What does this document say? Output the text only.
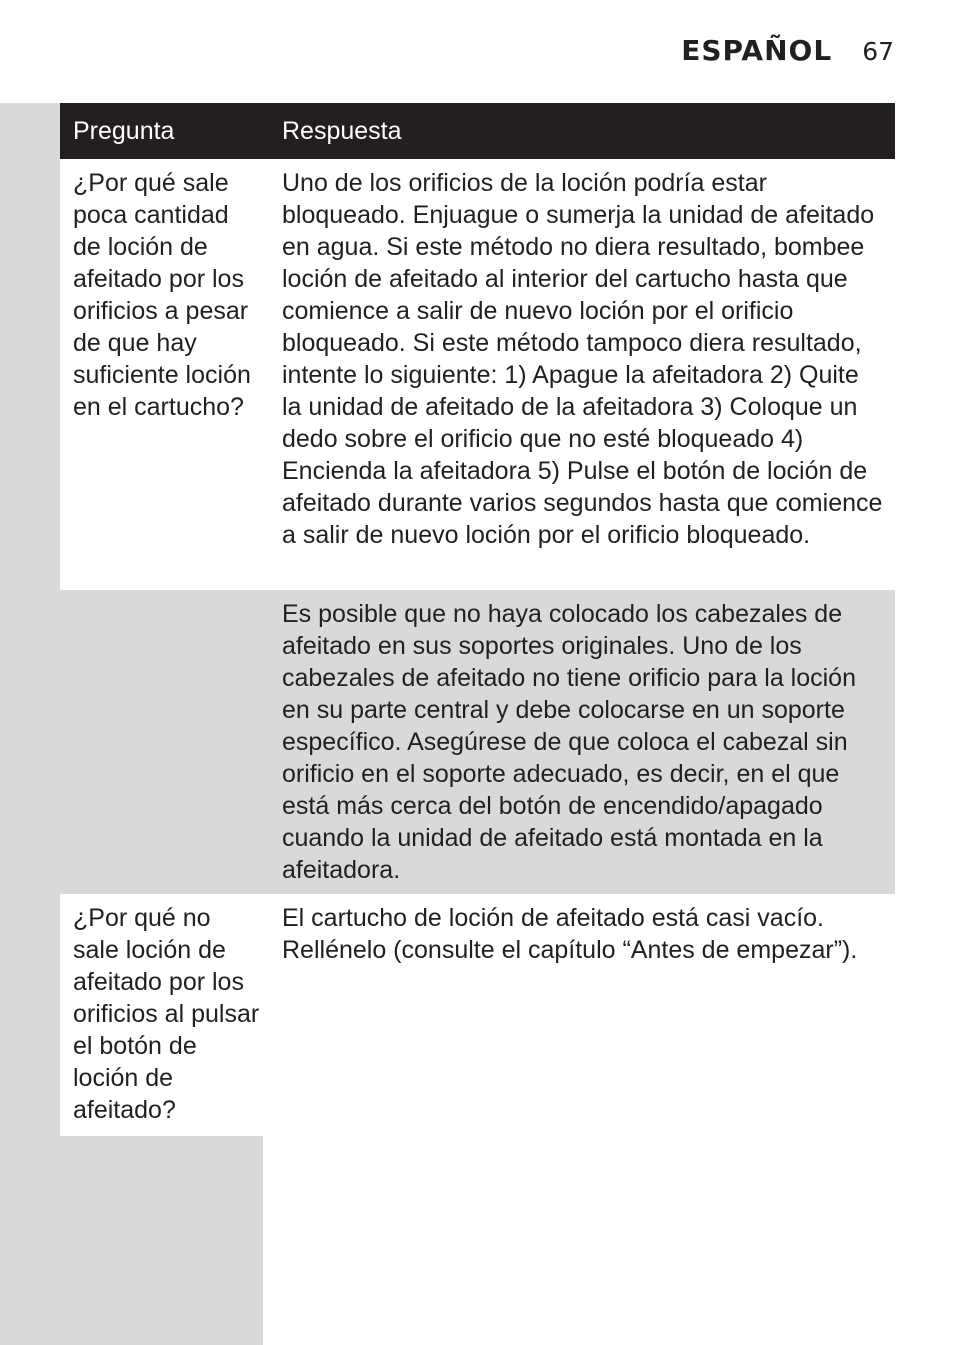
ESPAÑOL 67
Pregunta	Respuesta
¿Por qué sale poca cantidad de loción de afeitado por los orificios a pesar de que hay suficiente loción en el cartucho?
Uno de los orificios de la loción podría estar bloqueado. Enjuague o sumerja la unidad de afeitado en agua. Si este método no diera resultado, bombee loción de afeitado al interior del cartucho hasta que comience a salir de nuevo loción por el orificio bloqueado. Si este método tampoco diera resultado, intente lo siguiente: 1) Apague la afeitadora 2) Quite la unidad de afeitado de la afeitadora 3) Coloque un dedo sobre el orificio que no esté bloqueado 4) Encienda la afeitadora 5) Pulse el botón de loción de afeitado durante varios segundos hasta que comience a salir de nuevo loción por el orificio bloqueado.
Es posible que no haya colocado los cabezales de afeitado en sus soportes originales. Uno de los cabezales de afeitado no tiene orificio para la loción en su parte central y debe colocarse en un soporte específico. Asegúrese de que coloca el cabezal sin orificio en el soporte adecuado, es decir, en el que está más cerca del botón de encendido/apagado cuando la unidad de afeitado está montada en la afeitadora.
¿Por qué no sale loción de afeitado por los orificios al pulsar el botón de loción de afeitado?
El cartucho de loción de afeitado está casi vacío. Rellénelo (consulte el capítulo “Antes de empezar”).
